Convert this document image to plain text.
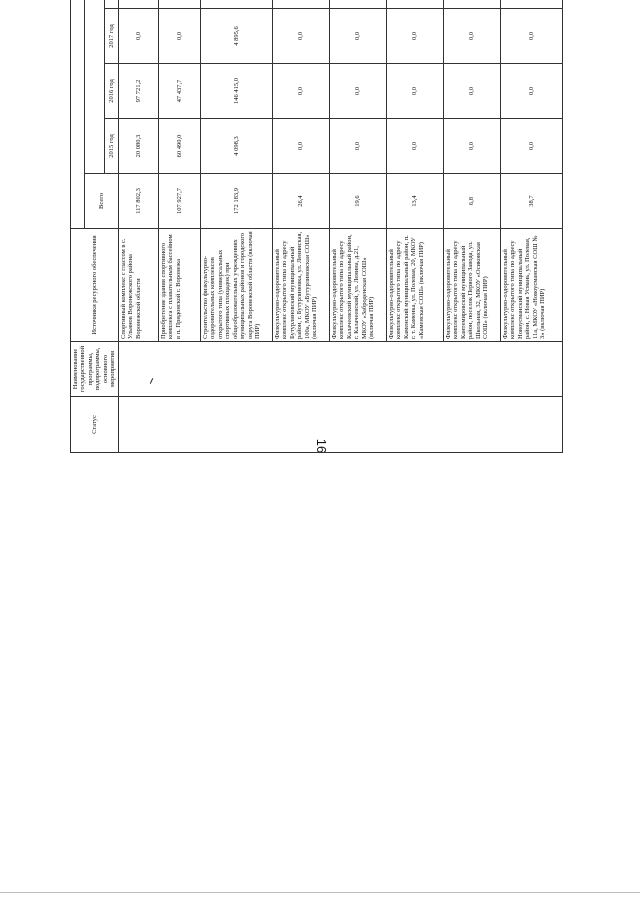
16
Статус	Наименование государственной программы, подпрограммы, основного мероприятия	Источники ресурсного обеспечения	
			Всего	
				2015 год	2016 год	2017 год							
		Спортивный комплекс с глассом в с. Ульянов Воронежского района Воронежской области	117 802,3	20 080,3	97 721,2	0,0							
		Приобретение здания спортивного комплекса с плавательным бассейном в п. Придонской г. Воронежа	107 927,7	60 490,0	47 437,7	0,0							
		Строительство физкультурно-оздоровительных комплексов открытого типа (универсальных спортивных площадок) при общеобразовательных учреждениях муниципальных районов и городского округа Воронежской области (включая ПИР)	172 183,9	4 098,3	146 415,0	4 895,6							
		Физкультурно-оздоровительный комплекс открытого типа по адресу Бутурлиновский муниципальный район, г. Бутурлиновка, ул. Ленинская, 100а, МКОУ «Бутурлиновская СОШ» (включая ПИР)	26,4	0,0	0,0	0,0							
		Физкультурно-оздоровительный комплекс открытого типа по адресу Калачеевский муниципальный район, г. Калачеевский, ул. Ленина, д.21, МКОУ «Заброденская СОШ» (включая ПИР)	19,6	0,0	0,0	0,0							
		Физкультурно-оздоровительный комплекс открытого типа по адресу Каменский муниципальный район, п. г. т. Каменка, ул. Полевая, 20, МКОУ «Каменская СОШ» (включая ПИР)	13,4	0,0	0,0	0,0							
		Физкультурно-оздоровительный комплекс открытого типа по адресу Кантемировский муниципальный район, поселок Первого Завода, ул. Школьная, 32, МКОУ «Осиковская СОШ» (включая ПИР)	6,8	0,0	0,0	0,0							
		Физкультурно-оздоровительный комплекс открытого типа по адресу Новоусманский муниципальный район, с. Новая Усмань, ул. Полевая, 11а, МКОУ «Новоусманская СОШ № 3» (включая ПИР)	38,7	0,0	0,0	0,0							
